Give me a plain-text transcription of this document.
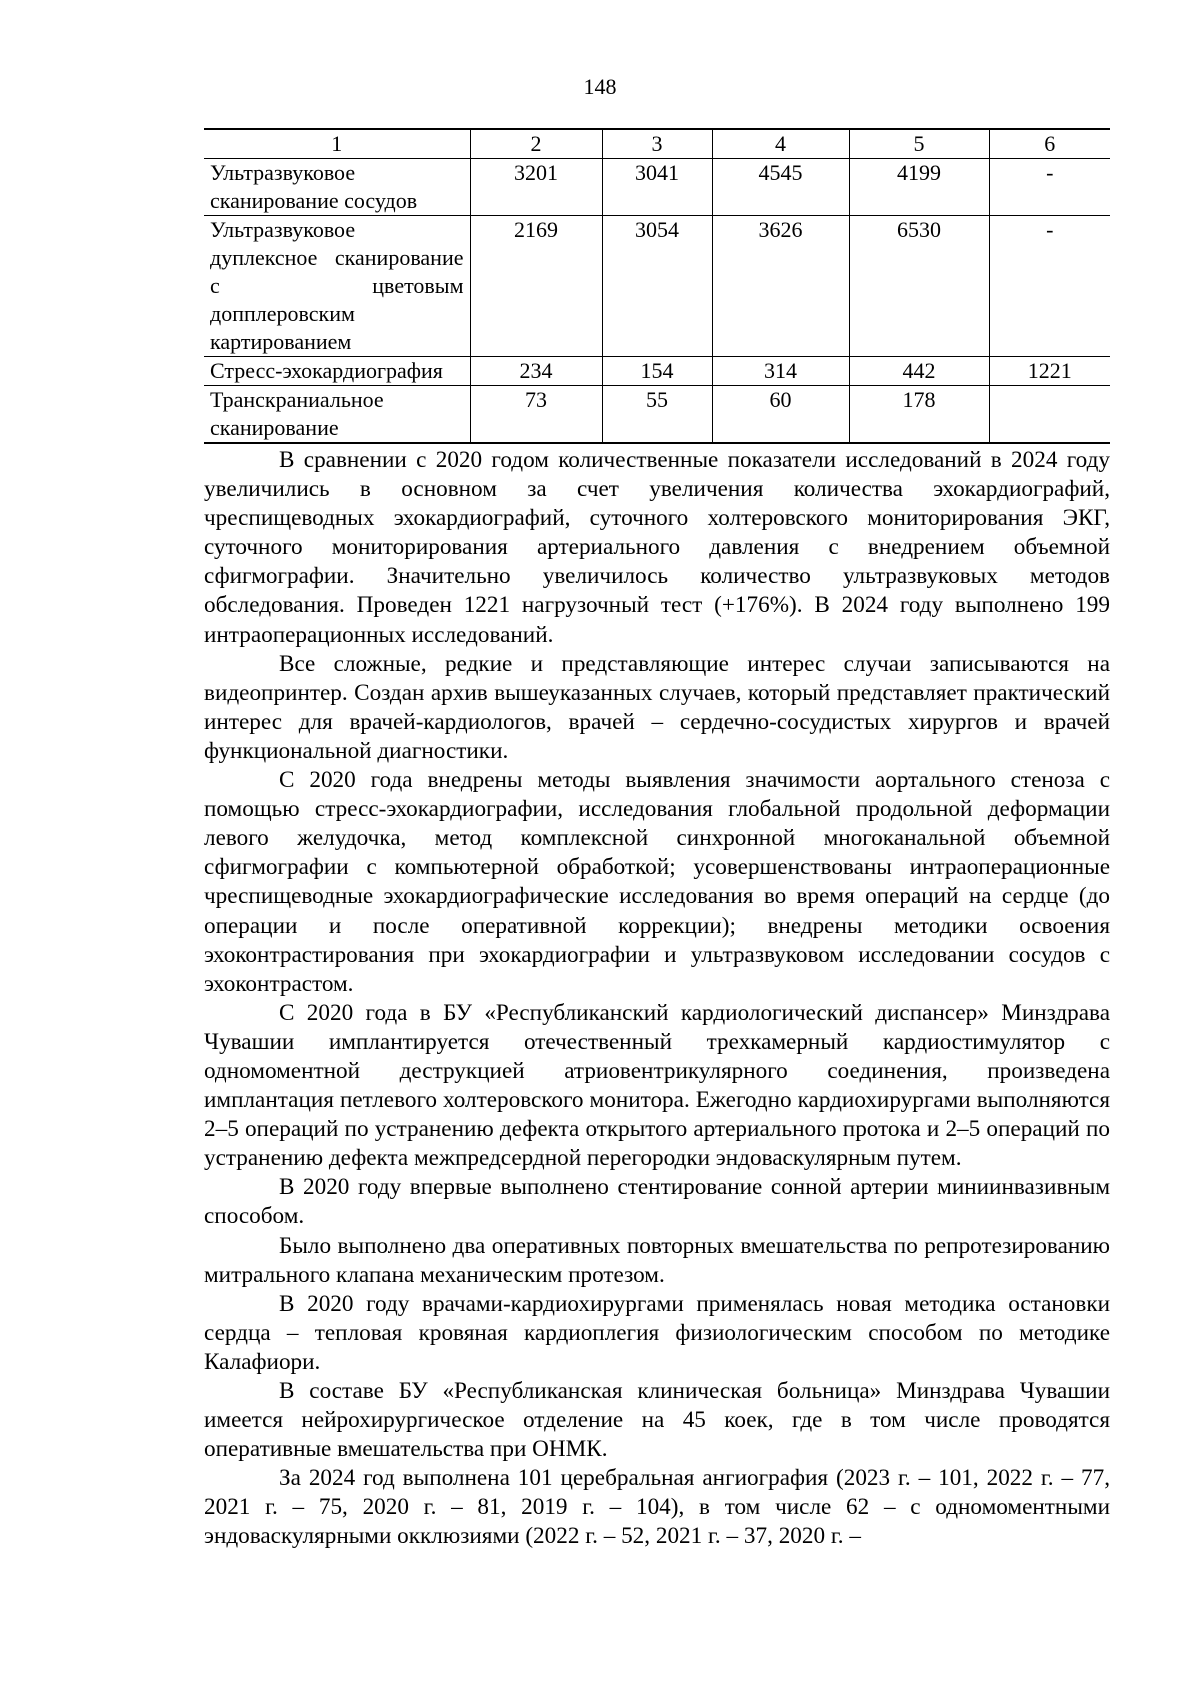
148
1	2	3	4	5	6
Ультразвуковое сканирование сосудов	3201	3041	4545	4199	-
Ультразвуковое дуплексное сканирование с цветовым допплеровским картированием	2169	3054	3626	6530	-
Стресс-эхокардиография	234	154	314	442	1221
Транскраниальное сканирование	73	55	60	178	

В сравнении с 2020 годом количественные показатели исследований в 2024 году увеличились в основном за счет увеличения количества эхокардиографий, чреспищеводных эхокардиографий, суточного холтеровского мониторирования ЭКГ, суточного мониторирования артериального давления с внедрением объемной сфигмографии. Значительно увеличилось количество ультразвуковых методов обследования. Проведен 1221 нагрузочный тест (+176%). В 2024 году выполнено 199 интраоперационных исследований.

Все сложные, редкие и представляющие интерес случаи записываются на видеопринтер. Создан архив вышеуказанных случаев, который представляет практический интерес для врачей-кардиологов, врачей – сердечно-сосудистых хирургов и врачей функциональной диагностики.

С 2020 года внедрены методы выявления значимости аортального стеноза с помощью стресс-эхокардиографии, исследования глобальной продольной деформации левого желудочка, метод комплексной синхронной многоканальной объемной сфигмографии с компьютерной обработкой; усовершенствованы интраоперационные чреспищеводные эхокардиографические исследования во время операций на сердце (до операции и после оперативной коррекции); внедрены методики освоения эхоконтрастирования при эхокардиографии и ультразвуковом исследовании сосудов с эхоконтрастом.

С 2020 года в БУ «Республиканский кардиологический диспансер» Минздрава Чувашии имплантируется отечественный трехкамерный кардиостимулятор с одномоментной деструкцией атриовентрикулярного соединения, произведена имплантация петлевого холтеровского монитора. Ежегодно кардиохирургами выполняются 2–5 операций по устранению дефекта открытого артериального протока и 2–5 операций по устранению дефекта межпредсердной перегородки эндоваскулярным путем.

В 2020 году впервые выполнено стентирование сонной артерии миниинвазивным способом.

Было выполнено два оперативных повторных вмешательства по репротезированию митрального клапана механическим протезом.

В 2020 году врачами-кардиохирургами применялась новая методика остановки сердца – тепловая кровяная кардиоплегия физиологическим способом по методике Калафиори.

В составе БУ «Республиканская клиническая больница» Минздрава Чувашии имеется нейрохирургическое отделение на 45 коек, где в том числе проводятся оперативные вмешательства при ОНМК.

За 2024 год выполнена 101 церебральная ангиография (2023 г. – 101, 2022 г. – 77, 2021 г. – 75, 2020 г. – 81, 2019 г. – 104), в том числе 62 – с одномоментными эндоваскулярными окклюзиями (2022 г. – 52, 2021 г. – 37, 2020 г. –
